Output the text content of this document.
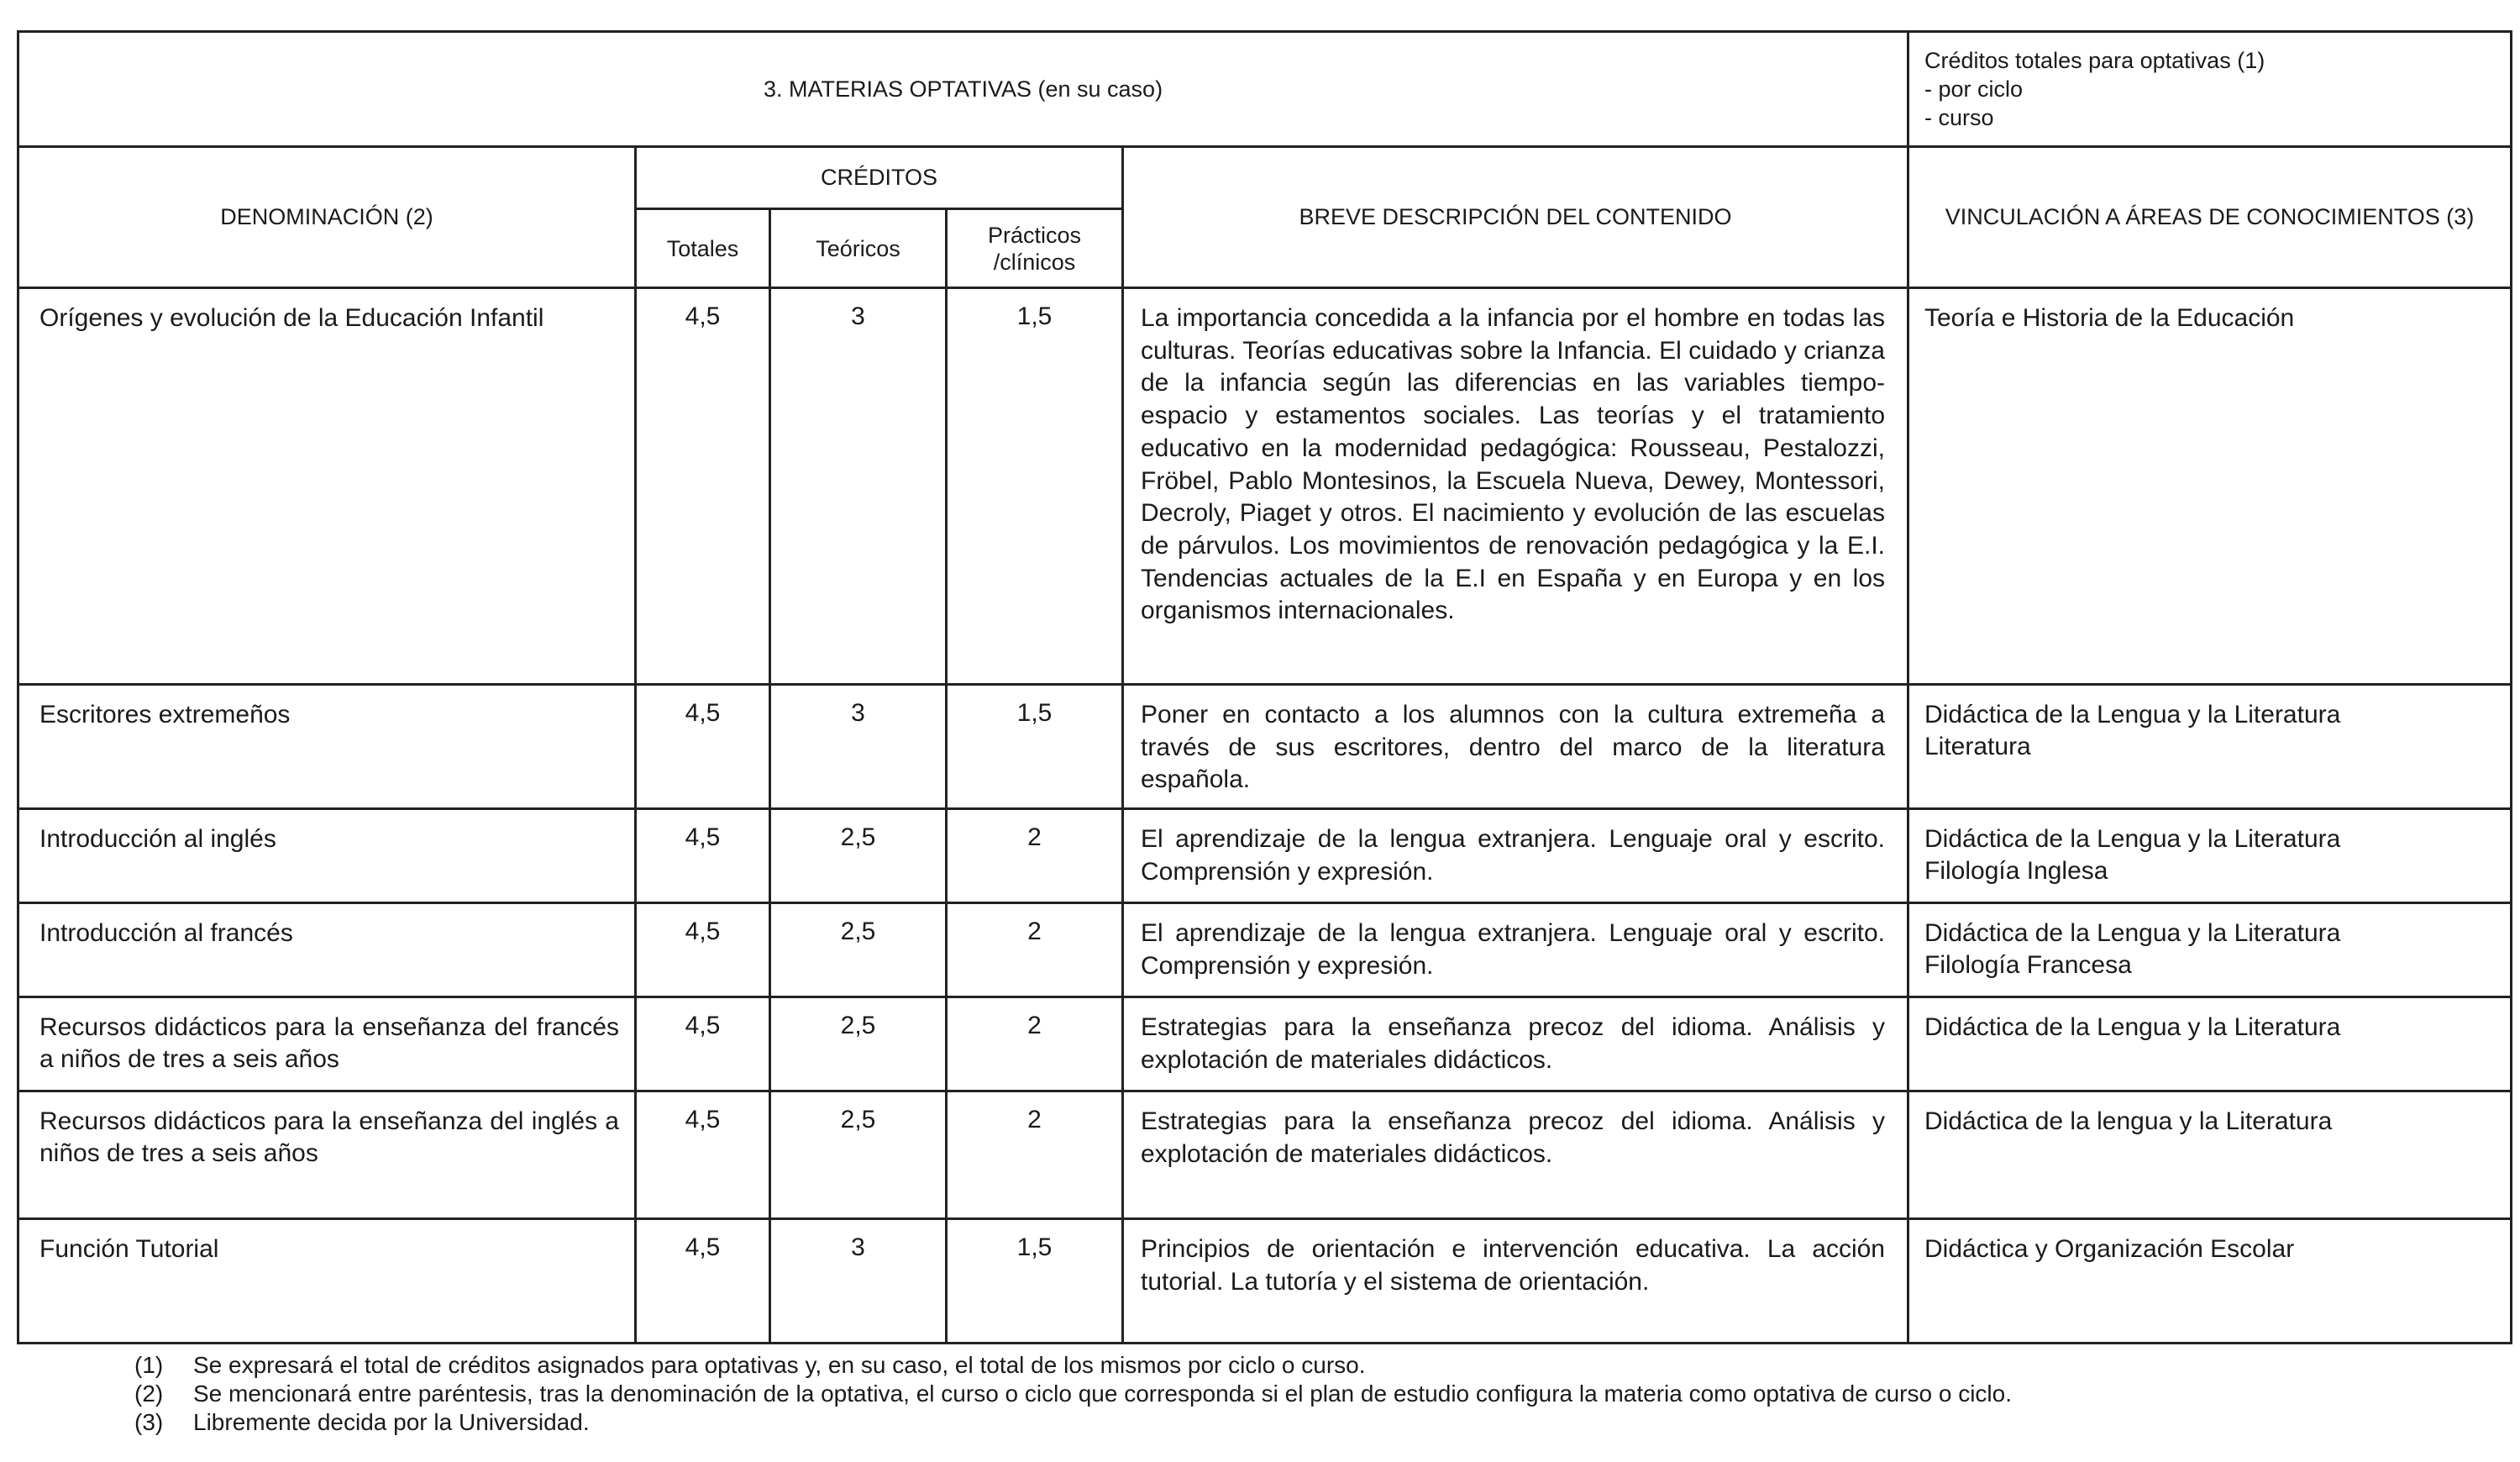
3. MATERIAS OPTATIVAS (en su caso)					Créditos totales para optativas (1)
- por ciclo
- curso

DENOMINACIÓN (2)	CRÉDITOS			BREVE DESCRIPCIÓN DEL CONTENIDO	VINCULACIÓN A ÁREAS DE CONOCIMIENTOS (3)
	Totales	Teóricos	Prácticos
/clínicos		

Orígenes y evolución de la Educación Infantil	4,5	3	1,5	La importancia concedida a la infancia por el hombre en todas las culturas. Teorías educativas sobre la Infancia. El cuidado y crianza de la infancia según las diferencias en las variables tiempo-espacio y estamentos sociales. Las teorías y el tratamiento educativo en la modernidad pedagógica: Rousseau, Pestalozzi, Fröbel, Pablo Montesinos, la Escuela Nueva, Dewey, Montessori, Decroly, Piaget y otros. El nacimiento y evolución de las escuelas de párvulos. Los movimientos de renovación pedagógica y la E.I. Tendencias actuales de la E.I en España y en Europa y en los organismos internacionales.	Teoría e Historia de la Educación

Escritores extremeños	4,5	3	1,5	Poner en contacto a los alumnos con la cultura extremeña a través de sus escritores, dentro del marco de la literatura española.	Didáctica de la Lengua y la Literatura
Literatura

Introducción al inglés	4,5	2,5	2	El aprendizaje de la lengua extranjera. Lenguaje oral y escrito. Comprensión y expresión.	Didáctica de la Lengua y la Literatura
Filología Inglesa

Introducción al francés	4,5	2,5	2	El aprendizaje de la lengua extranjera. Lenguaje oral y escrito. Comprensión y expresión.	Didáctica de la Lengua y la Literatura
Filología Francesa

Recursos didácticos para la enseñanza del francés a niños de tres a seis años	4,5	2,5	2	Estrategias para la enseñanza precoz del idioma. Análisis y explotación de materiales didácticos.	Didáctica de la Lengua y la Literatura

Recursos didácticos para la enseñanza del inglés a niños de tres a seis años	4,5	2,5	2	Estrategias para la enseñanza precoz del idioma. Análisis y explotación de materiales didácticos.	Didáctica de la lengua y la Literatura

Función Tutorial	4,5	3	1,5	Principios de orientación e intervención educativa. La acción tutorial. La tutoría y el sistema de orientación.	Didáctica y Organización Escolar
(1)	Se expresará el total de créditos asignados para optativas y, en su caso, el total de los mismos por ciclo o curso.
(2)	Se mencionará entre paréntesis, tras la denominación de la optativa, el curso o ciclo que corresponda si el plan de estudio configura la materia como optativa de curso o ciclo.
(3)	Libremente decida por la Universidad.
